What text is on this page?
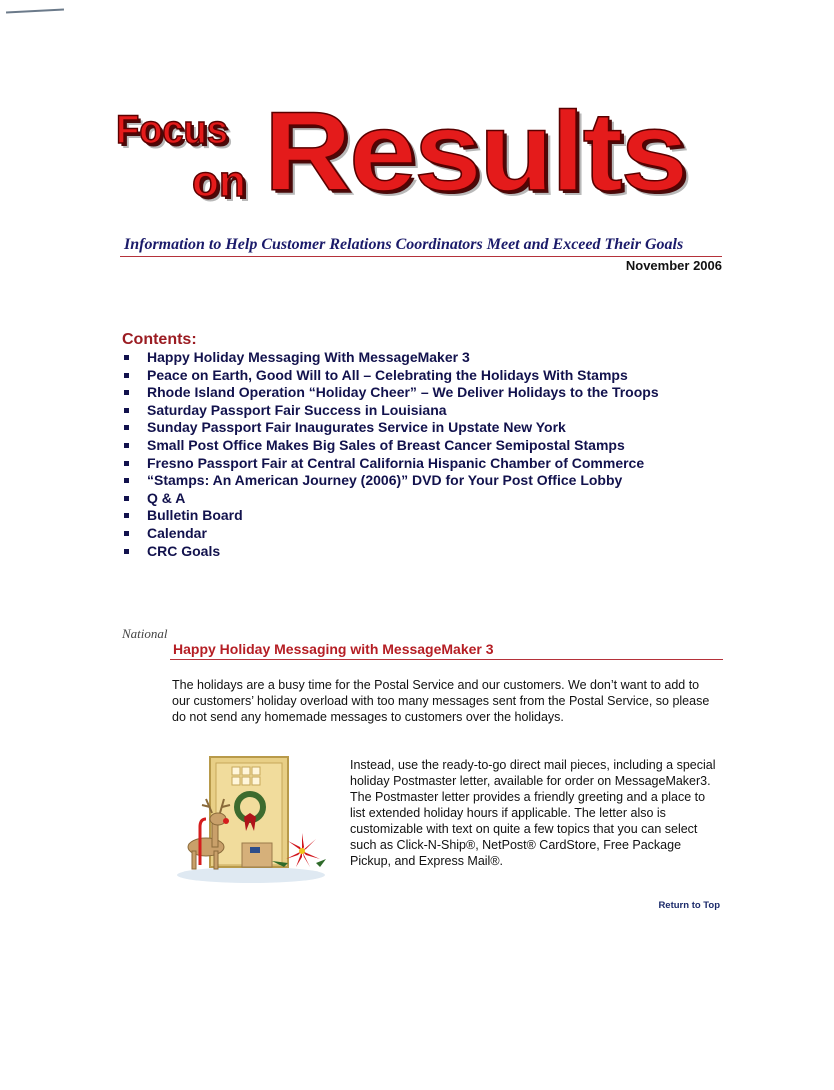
Focus
on Results
Information to Help Customer Relations Coordinators Meet and Exceed Their Goals
November 2006
Contents:
Happy Holiday Messaging With MessageMaker 3
Peace on Earth, Good Will to All – Celebrating the Holidays With Stamps
Rhode Island Operation “Holiday Cheer” – We Deliver Holidays to the Troops
Saturday Passport Fair Success in Louisiana
Sunday Passport Fair Inaugurates Service in Upstate New York
Small Post Office Makes Big Sales of Breast Cancer Semipostal Stamps
Fresno Passport Fair at Central California Hispanic Chamber of Commerce
“Stamps: An American Journey (2006)” DVD for Your Post Office Lobby
Q & A
Bulletin Board
Calendar
CRC Goals
National
Happy Holiday Messaging with MessageMaker 3
The holidays are a busy time for the Postal Service and our customers. We don’t want to add to our customers’ holiday overload with too many messages sent from the Postal Service, so please do not send any homemade messages to customers over the holidays.
Instead, use the ready-to-go direct mail pieces, including a special holiday Postmaster letter, available for order on MessageMaker3. The Postmaster letter provides a friendly greeting and a place to list extended holiday hours if applicable. The letter also is customizable with text on quite a few topics that you can select such as Click-N-Ship®, NetPost® CardStore, Free Package Pickup, and Express Mail®.
Return to Top
